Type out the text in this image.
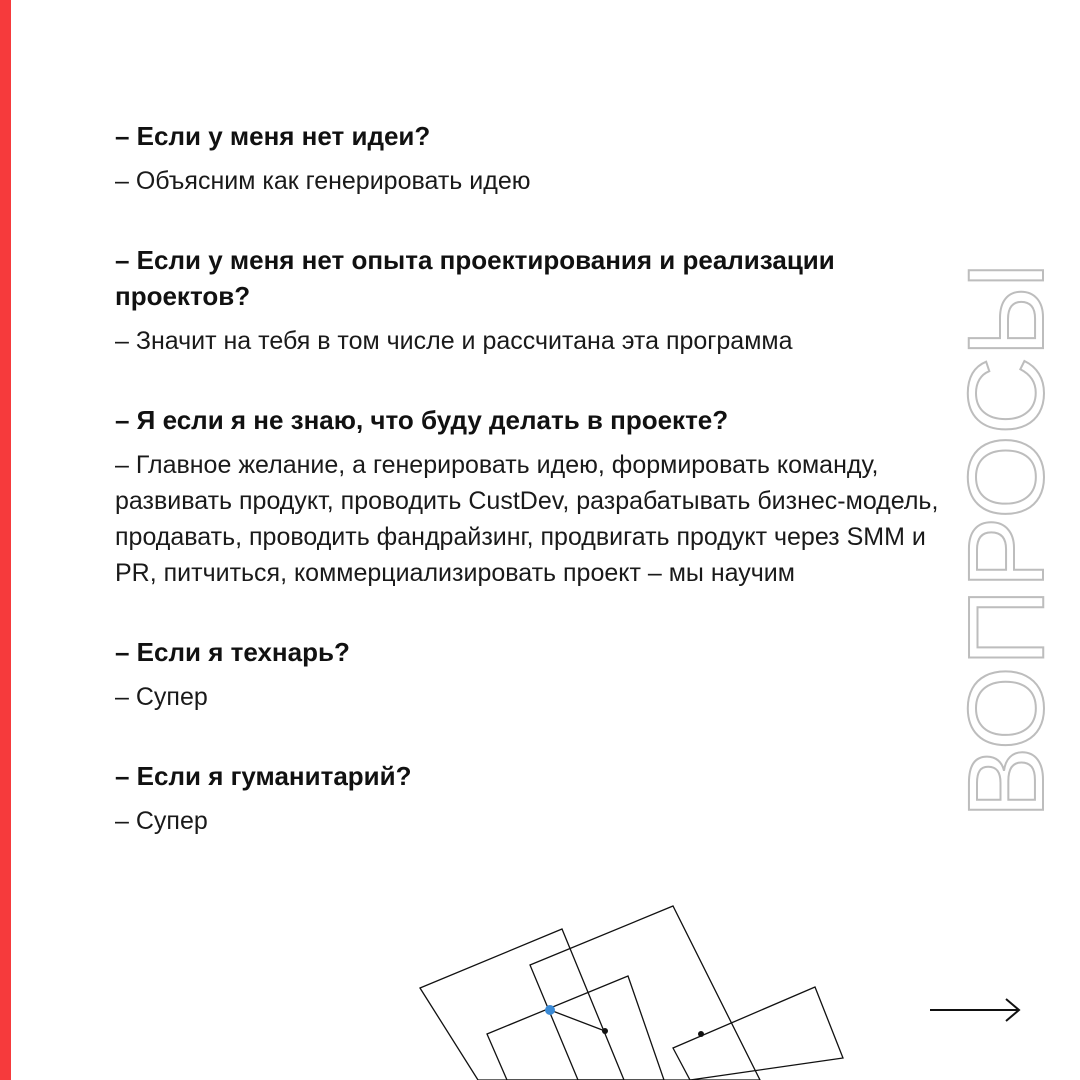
– Если у меня нет идеи?

– Объясним как генерировать идею

– Если у меня нет опыта проектирования и реализации проектов?

– Значит на тебя в том числе и рассчитана эта программа

– Я если я не знаю, что буду делать в проекте?

– Главное желание, а генерировать идею, формировать команду, развивать продукт, проводить CustDev, разрабатывать бизнес-модель, продавать, проводить фандрайзинг, продвигать продукт через SMM и PR, питчиться, коммерциализировать проект – мы научим

– Если я технарь?

– Супер

– Если я гуманитарий?

– Супер

ВОПРОСЫ
